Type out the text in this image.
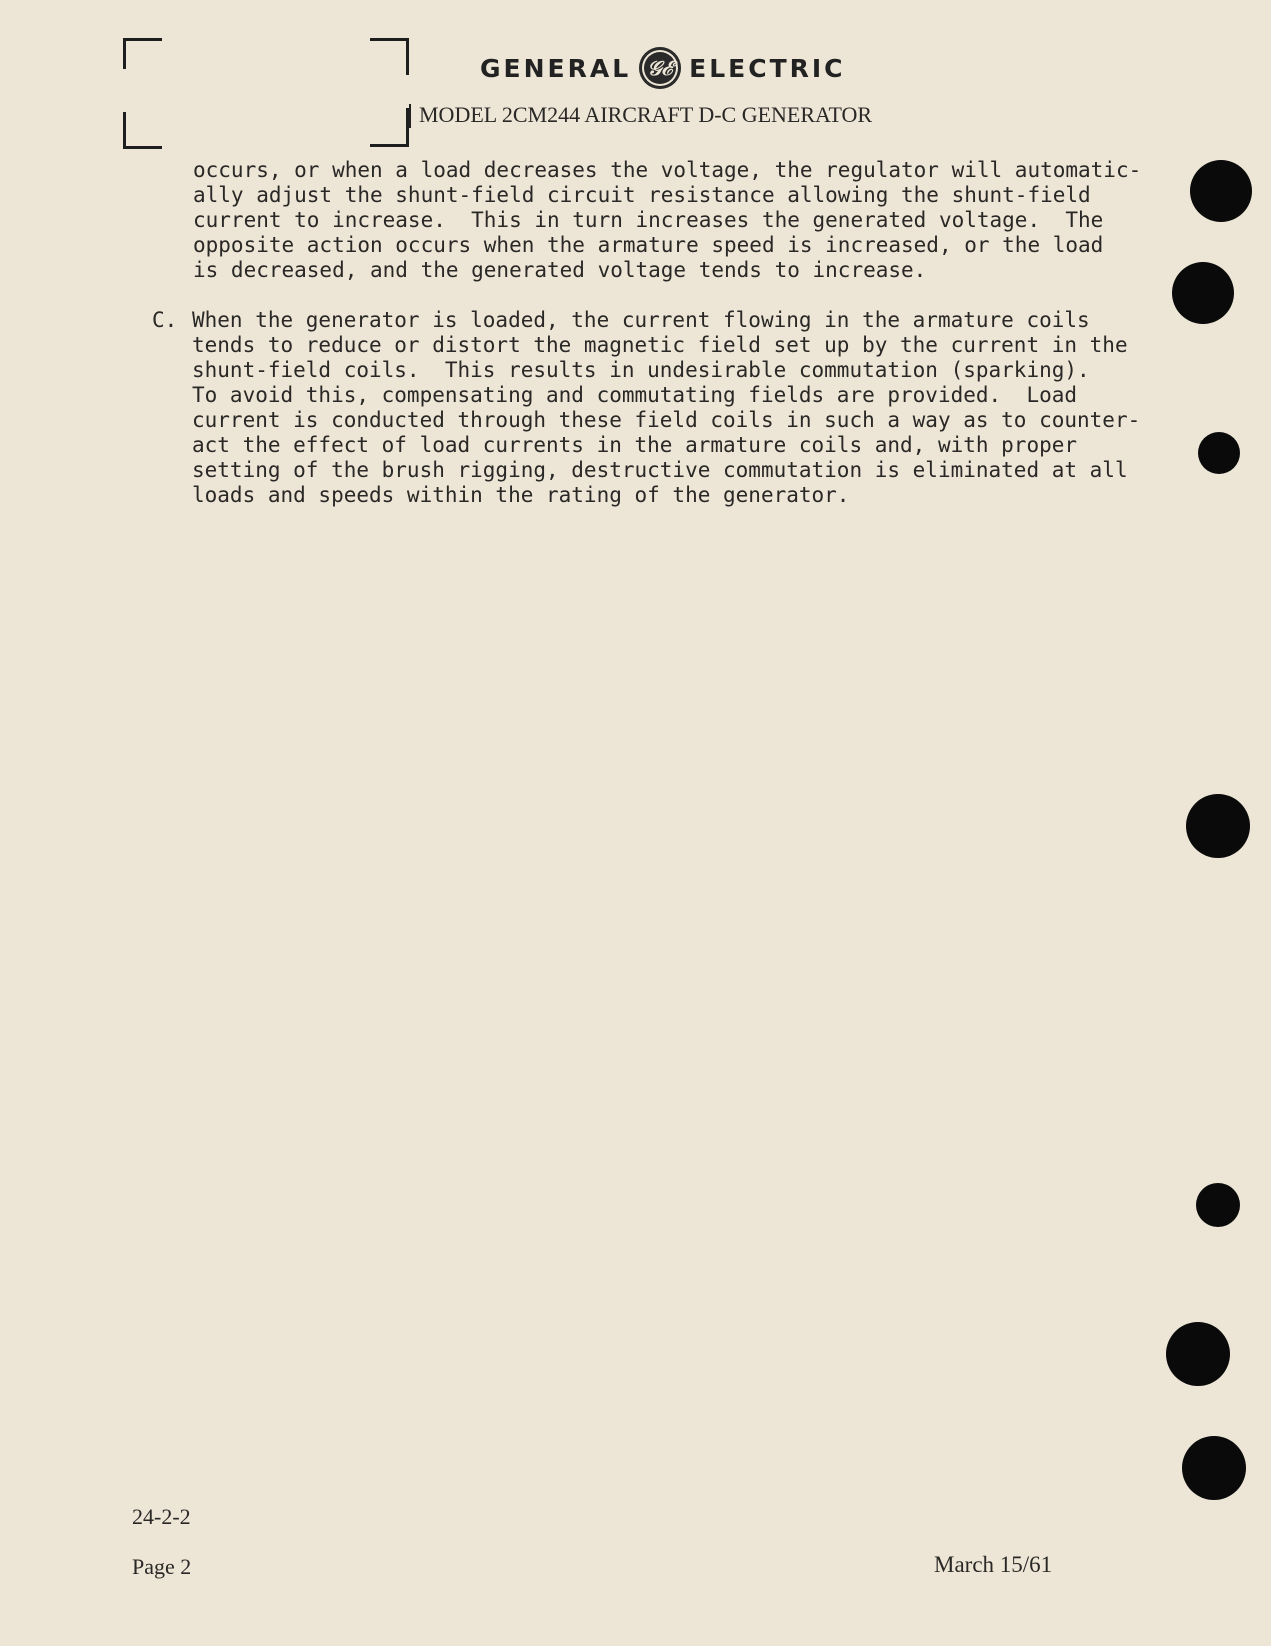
GENERAL 𝒢ℰ ELECTRIC
MODEL 2CM244 AIRCRAFT D-C GENERATOR
occurs, or when a load decreases the voltage, the regulator will automatic-
ally adjust the shunt-field circuit resistance allowing the shunt-field
current to increase.  This in turn increases the generated voltage.  The
opposite action occurs when the armature speed is increased, or the load
is decreased, and the generated voltage tends to increase.
C. When the generator is loaded, the current flowing in the armature coils
tends to reduce or distort the magnetic field set up by the current in the
shunt-field coils.  This results in undesirable commutation (sparking).
To avoid this, compensating and commutating fields are provided.  Load
current is conducted through these field coils in such a way as to counter-
act the effect of load currents in the armature coils and, with proper
setting of the brush rigging, destructive commutation is eliminated at all
loads and speeds within the rating of the generator.
24-2-2
Page 2	March 15/61
